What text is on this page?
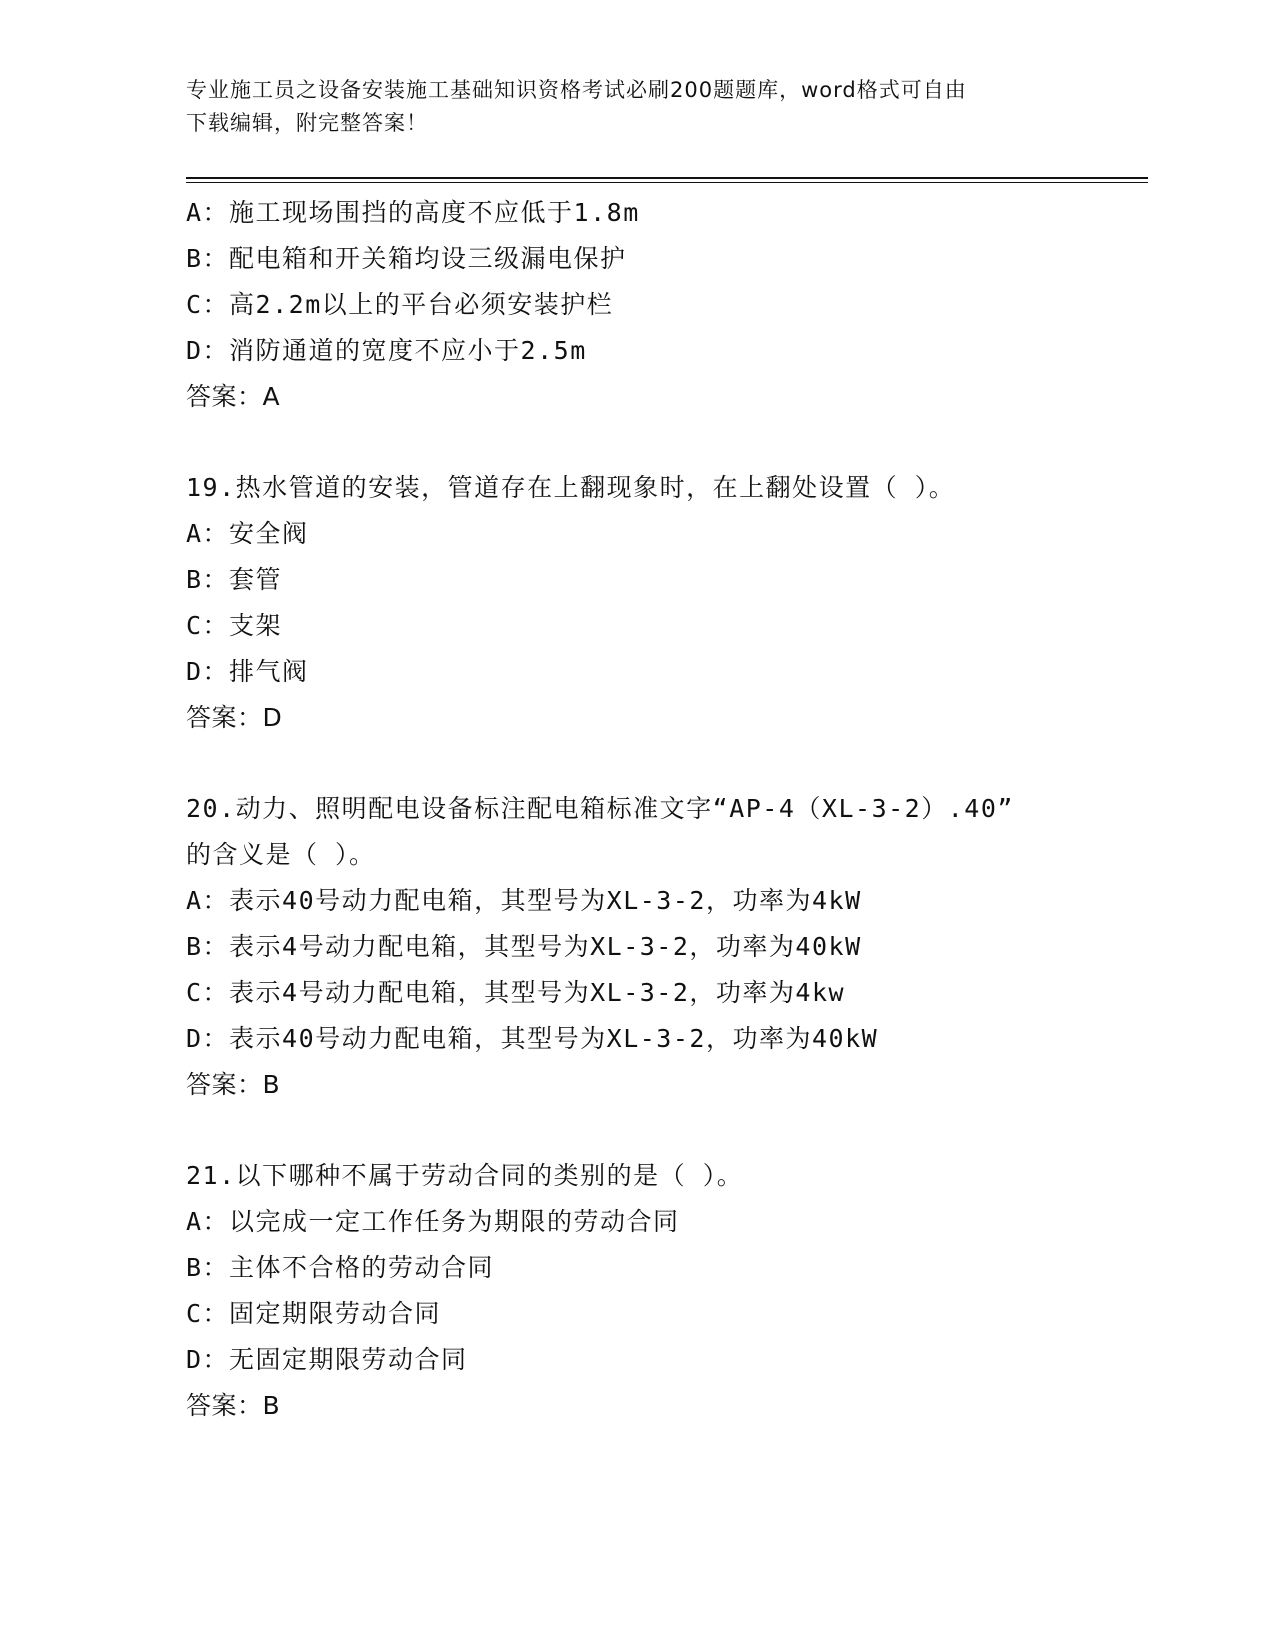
专业施工员之设备安装施工基础知识资格考试必刷200题题库，word格式可自由
下载编辑，附完整答案！
A：施工现场围挡的高度不应低于1.8m
B：配电箱和开关箱均设三级漏电保护
C：高2.2m以上的平台必须安装护栏
D：消防通道的宽度不应小于2.5m
答案：A
19.热水管道的安装，管道存在上翻现象时，在上翻处设置（ ）。
A：安全阀
B：套管
C：支架
D：排气阀
答案：D
20.动力、照明配电设备标注配电箱标准文字“AP-4（XL-3-2）.40”
的含义是（ ）。
A：表示40号动力配电箱，其型号为XL-3-2，功率为4kW
B：表示4号动力配电箱，其型号为XL-3-2，功率为40kW
C：表示4号动力配电箱，其型号为XL-3-2，功率为4kw
D：表示40号动力配电箱，其型号为XL-3-2，功率为40kW
答案：B
21.以下哪种不属于劳动合同的类别的是（ ）。
A：以完成一定工作任务为期限的劳动合同
B：主体不合格的劳动合同
C：固定期限劳动合同
D：无固定期限劳动合同
答案：B
